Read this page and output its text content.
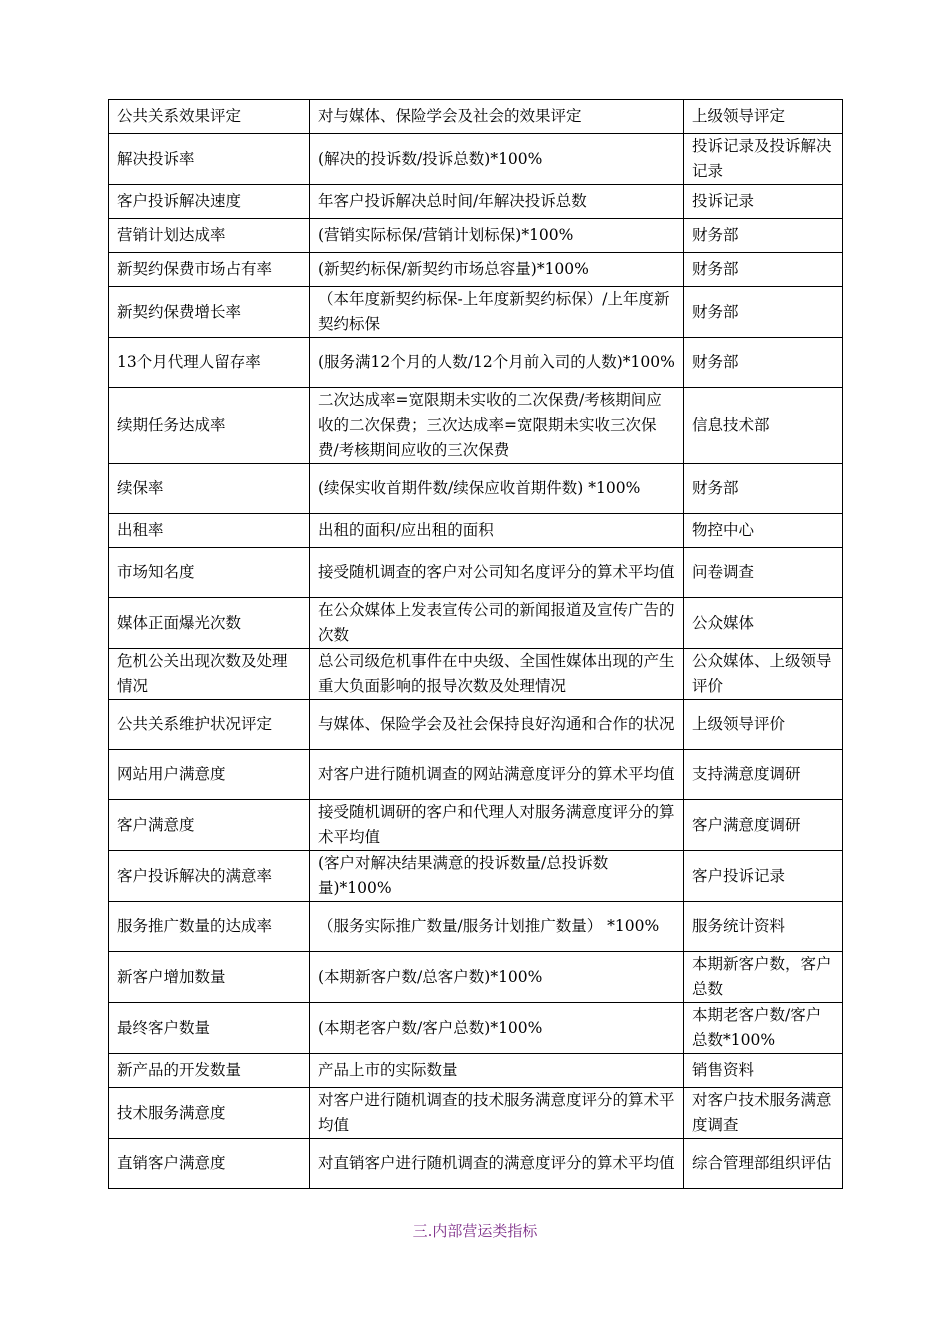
公共关系效果评定	对与媒体、保险学会及社会的效果评定	上级领导评定
解决投诉率	(解决的投诉数/投诉总数)*100%	投诉记录及投诉解决记录
客户投诉解决速度	年客户投诉解决总时间/年解决投诉总数	投诉记录
营销计划达成率	(营销实际标保/营销计划标保)*100%	财务部
新契约保费市场占有率	(新契约标保/新契约市场总容量)*100%	财务部
新契约保费增长率	（本年度新契约标保-上年度新契约标保）/上年度新契约标保	财务部
13个月代理人留存率	(服务满12个月的人数/12个月前入司的人数)*100%	财务部
续期任务达成率	二次达成率=宽限期未实收的二次保费/考核期间应收的二次保费；三次达成率=宽限期未实收三次保费/考核期间应收的三次保费	信息技术部
续保率	(续保实收首期件数/续保应收首期件数) *100%	财务部
出租率	出租的面积/应出租的面积	物控中心
市场知名度	接受随机调查的客户对公司知名度评分的算术平均值	问卷调查
媒体正面爆光次数	在公众媒体上发表宣传公司的新闻报道及宣传广告的次数	公众媒体
危机公关出现次数及处理情况	总公司级危机事件在中央级、全国性媒体出现的产生重大负面影响的报导次数及处理情况	公众媒体、上级领导评价
公共关系维护状况评定	与媒体、保险学会及社会保持良好沟通和合作的状况	上级领导评价
网站用户满意度	对客户进行随机调查的网站满意度评分的算术平均值	支持满意度调研
客户满意度	接受随机调研的客户和代理人对服务满意度评分的算术平均值	客户满意度调研
客户投诉解决的满意率	(客户对解决结果满意的投诉数量/总投诉数量)*100%	客户投诉记录
服务推广数量的达成率	（服务实际推广数量/服务计划推广数量） *100%	服务统计资料
新客户增加数量	(本期新客户数/总客户数)*100%	本期新客户数，客户总数
最终客户数量	(本期老客户数/客户总数)*100%	本期老客户数/客户总数*100%
新产品的开发数量	产品上市的实际数量	销售资料
技术服务满意度	对客户进行随机调查的技术服务满意度评分的算术平均值	对客户技术服务满意度调查
直销客户满意度	对直销客户进行随机调查的满意度评分的算术平均值	综合管理部组织评估
三.内部营运类指标
